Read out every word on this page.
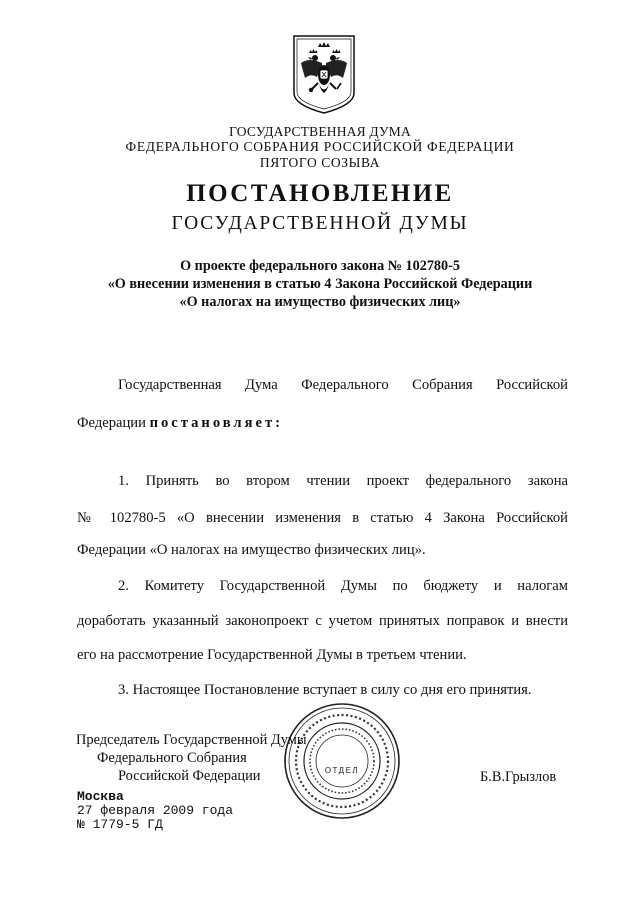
ГОСУДАРСТВЕННАЯ ДУМА
ФЕДЕРАЛЬНОГО СОБРАНИЯ РОССИЙСКОЙ ФЕДЕРАЦИИ
ПЯТОГО СОЗЫВА
ПОСТАНОВЛЕНИЕ
ГОСУДАРСТВЕННОЙ ДУМЫ
О проекте федерального закона № 102780-5
«О внесении изменения в статью 4 Закона Российской Федерации
«О налогах на имущество физических лиц»
Государственная Дума Федерального Собрания Российской
Федерации постановляет:
1. Принять во втором чтении проект федерального закона
№ 102780-5 «О внесении изменения в статью 4 Закона Российской
Федерации «О налогах на имущество физических лиц».
2. Комитету Государственной Думы по бюджету и налогам
доработать указанный законопроект с учетом принятых поправок и внести
его на рассмотрение Государственной Думы в третьем чтении.
3. Настоящее Постановление вступает в силу со дня его принятия.
ОТДЕЛ
Председатель Государственной Думы
Федерального Собрания
Российской Федерации	Б.В.Грызлов
Москва
27 февраля 2009 года
№ 1779-5 ГД
